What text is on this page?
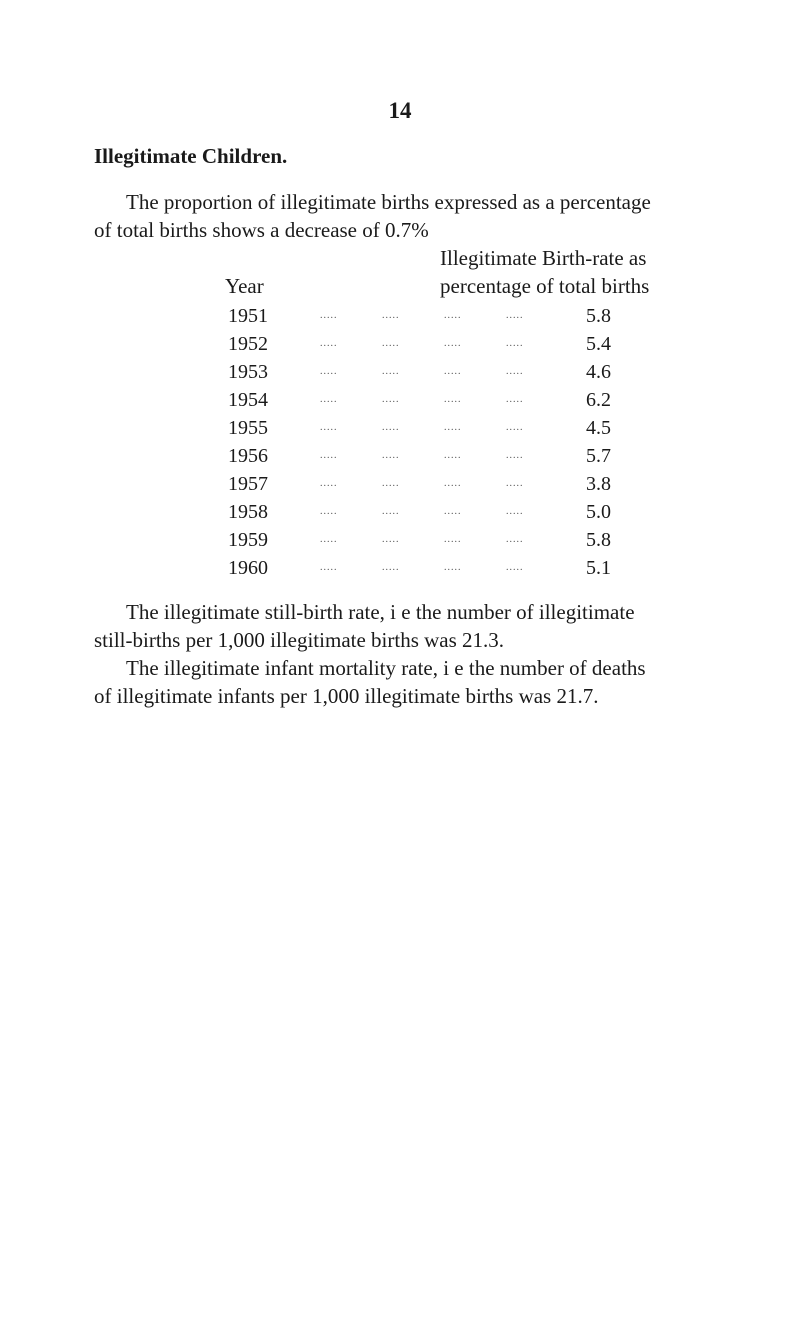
14
Illegitimate Children.
The proportion of illegitimate births expressed as a percentage
of total births shows a decrease of 0.7%
Illegitimate Birth-rate as
Year	percentage of total births
1951	.....	.....	.....	.....	5.8
1952	.....	.....	.....	.....	5.4
1953	.....	.....	.....	.....	4.6
1954	.....	.....	.....	.....	6.2
1955	.....	.....	.....	.....	4.5
1956	.....	.....	.....	.....	5.7
1957	.....	.....	.....	.....	3.8
1958	.....	.....	.....	.....	5.0
1959	.....	.....	.....	.....	5.8
1960	.....	.....	.....	.....	5.1
The illegitimate still-birth rate, i e the number of illegitimate
still-births per 1,000 illegitimate births was 21.3.
The illegitimate infant mortality rate, i e the number of deaths
of illegitimate infants per 1,000 illegitimate births was 21.7.
